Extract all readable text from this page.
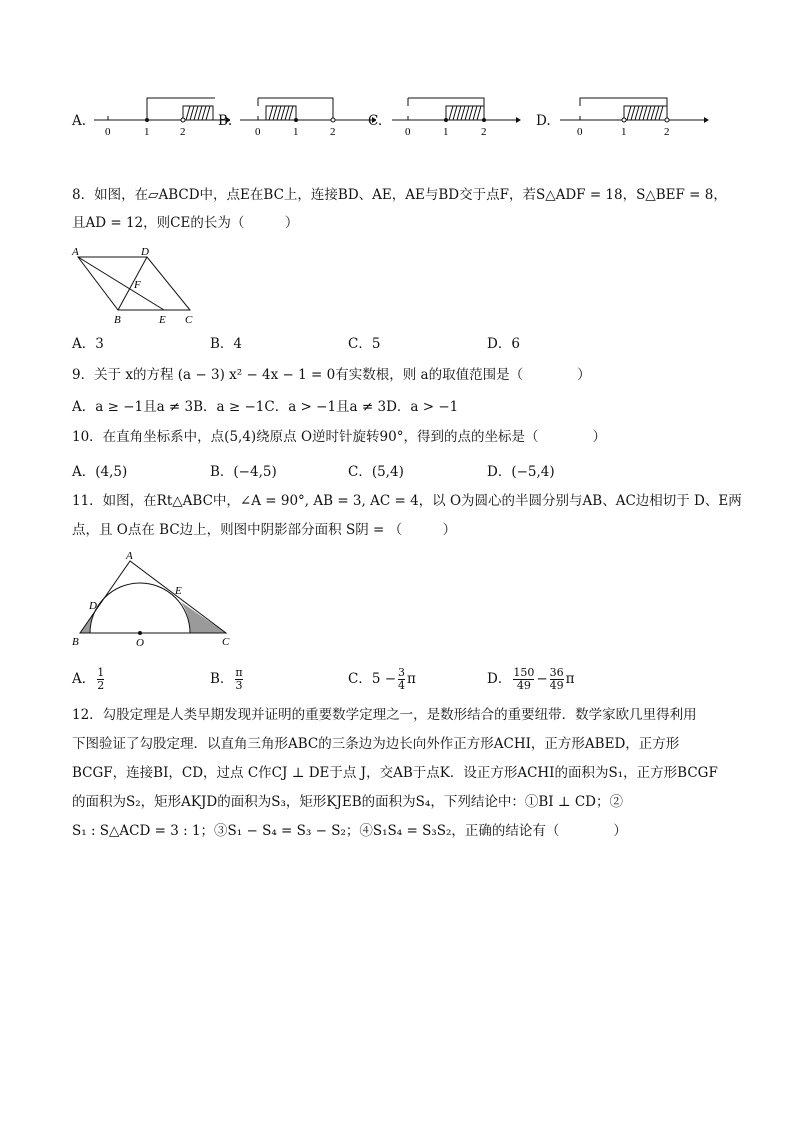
A.
0	1	2
B.
0	1	2
C.
0	1	2
D.
0	1	2
8．如图，在▱ABCD中，点E在BC上，连接BD、AE，AE与BD交于点F，若S△ADF = 18，S△BEF = 8，
且AD = 12，则CE的长为（　　　）
A	D
F
B	E C
A．3	B．4	C．5	D．6
9．关于 x的方程 (a − 3) x² − 4x − 1 = 0有实数根，则 a的取值范围是（　　　　）
A．a ≥ −1且a ≠ 3B．a ≥ −1C．a > −1且a ≠ 3D．a > −1
10．在直角坐标系中，点(5,4)绕原点 O逆时针旋转90°，得到的点的坐标是（　　　　）
A．(4,5)	B．(−4,5)	C．(5,4)	D．(−5,4)
11．如图，在Rt△ABC中，∠A = 90°, AB = 3, AC = 4，以 O为圆心的半圆分别与AB、AC边相切于 D、E两
点，且 O点在 BC边上，则图中阴影部分面积 S阴 = （　　　）
A
D
E
B	O	C
A． $\frac{1}{2}$	B． $\frac{\pi}{3}$	C．$5 - \frac{3}{4}$ π	D． $\frac{150}{49} - \frac{36}{49}$ π
12．勾股定理是人类早期发现并证明的重要数学定理之一，是数形结合的重要纽带．数学家欧几里得利用
下图验证了勾股定理．以直角三角形ABC的三条边为边长向外作正方形ACHI，正方形ABED，正方形
BCGF，连接BI，CD，过点 C作CJ ⊥ DE于点 J，交AB于点K．设正方形ACHI的面积为S₁，正方形BCGF
的面积为S₂，矩形AKJD的面积为S₃，矩形KJEB的面积为S₄，下列结论中：①BI ⊥ CD；②
S₁ : S△ACD = 3 : 1；③S₁ − S₄ = S₃ − S₂；④S₁S₄ = S₃S₂，正确的结论有（　　　　）
